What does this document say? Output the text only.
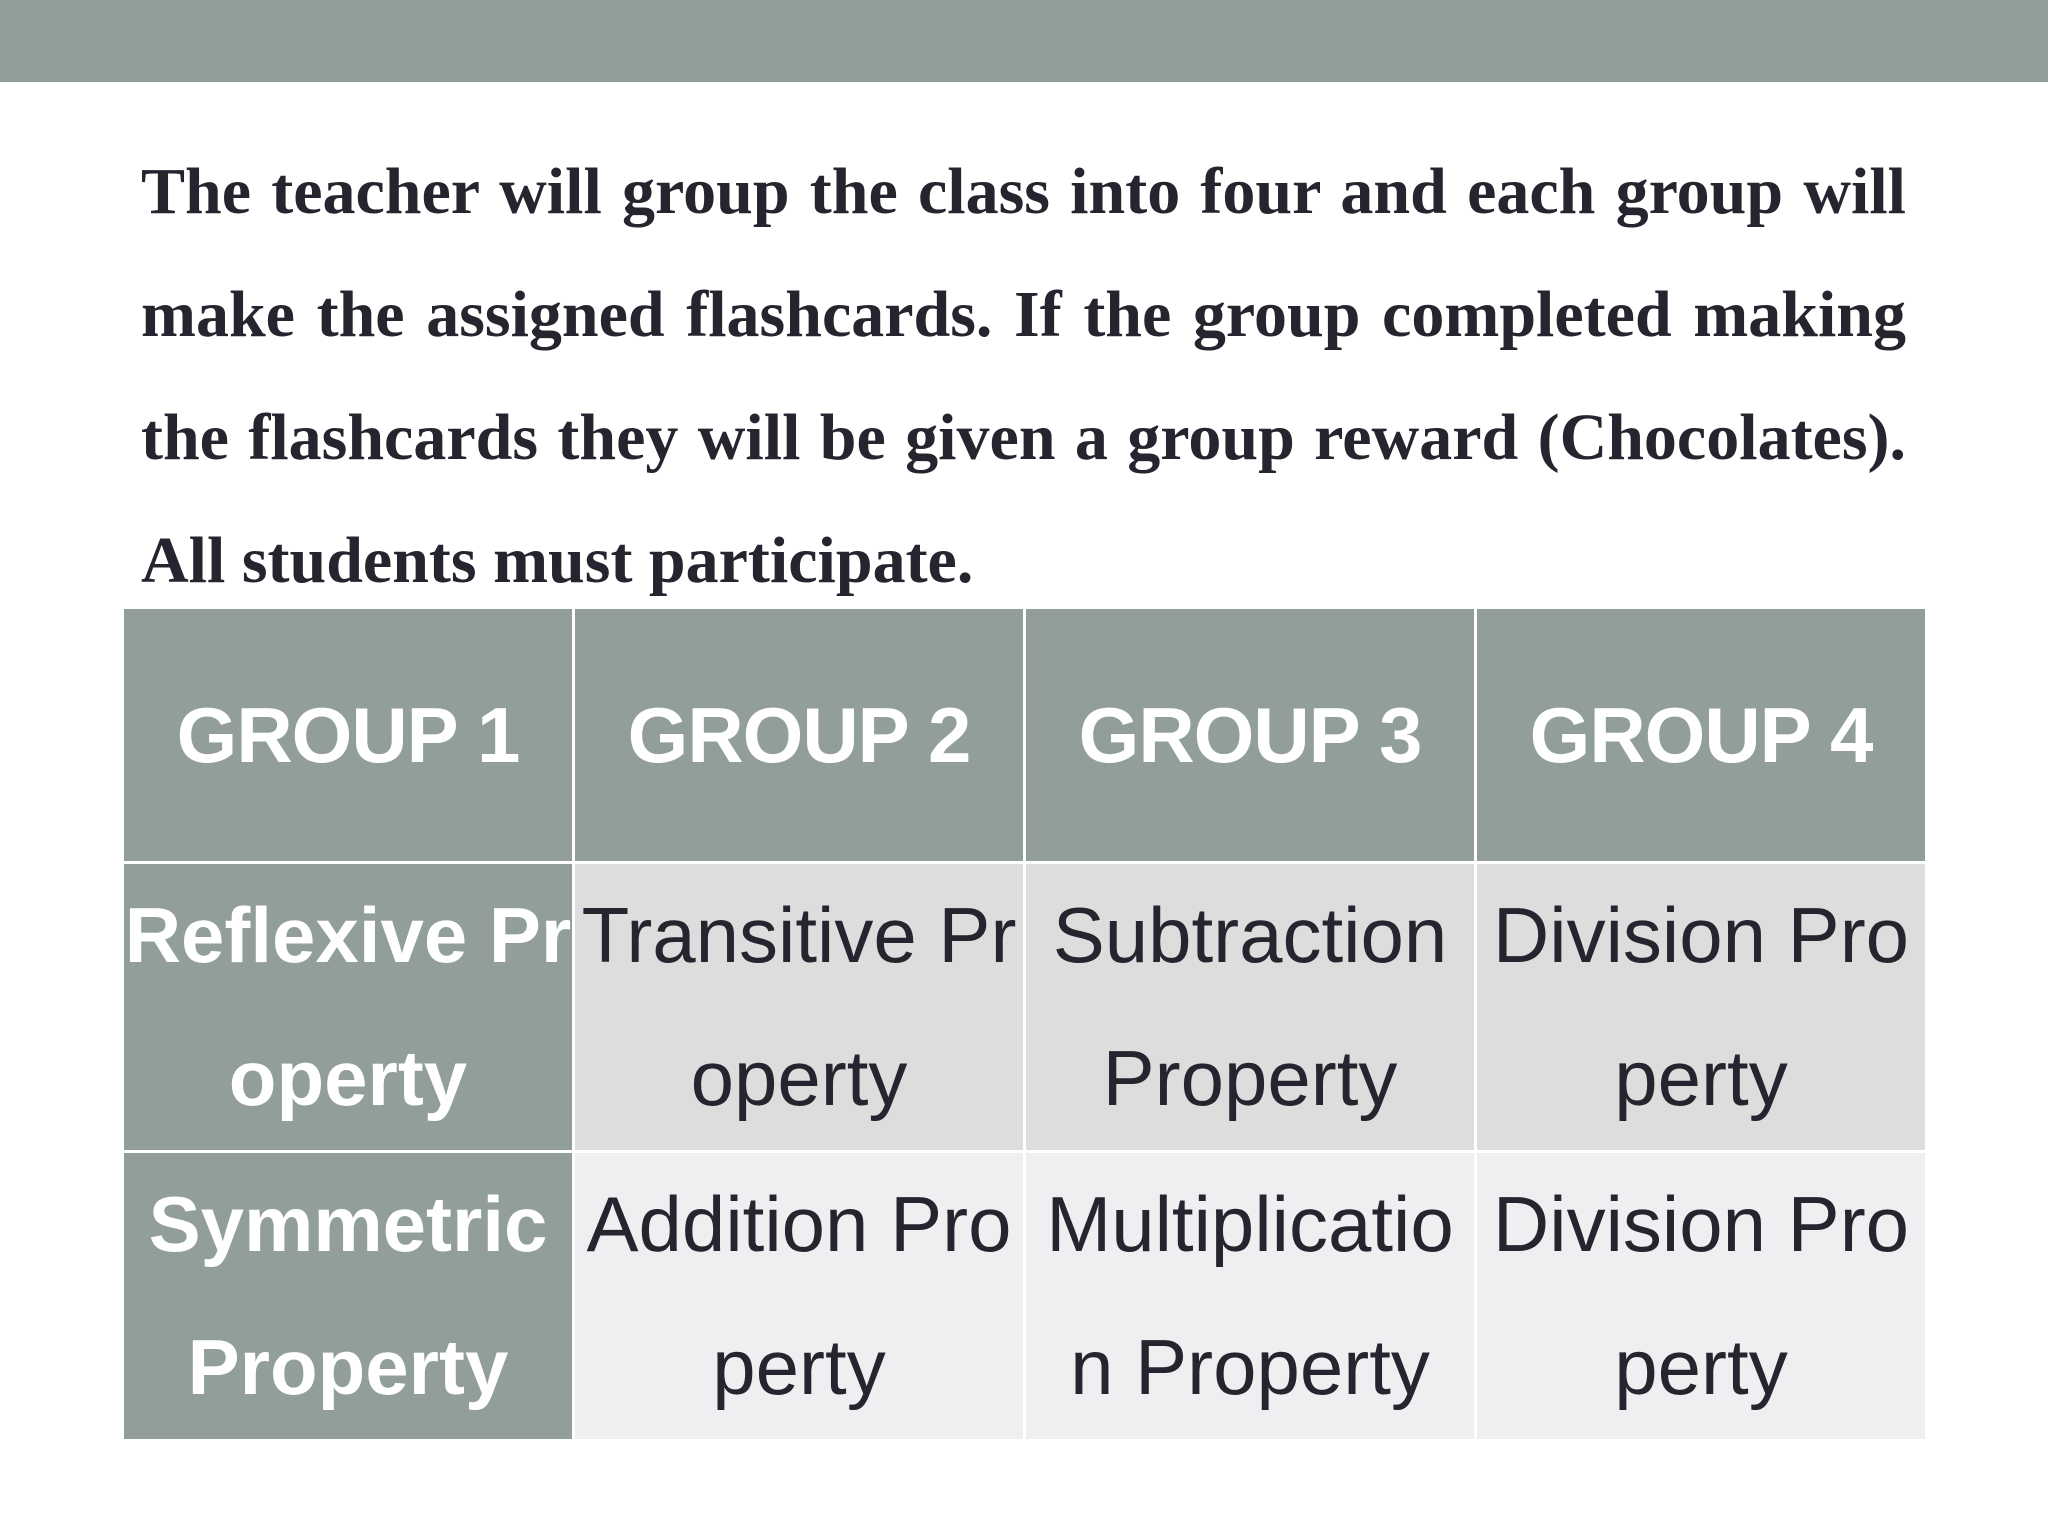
The teacher will group the class into four and each group will make the assigned flashcards. If the group completed making the flashcards they will be given a group reward (Chocolates). All students must participate.

GROUP 1	GROUP 2	GROUP 3	GROUP 4

Reflexive Property	Transitive Property	Subtraction Property	Division Property

Symmetric Property	Addition Property	Multiplication Property	Division Property
